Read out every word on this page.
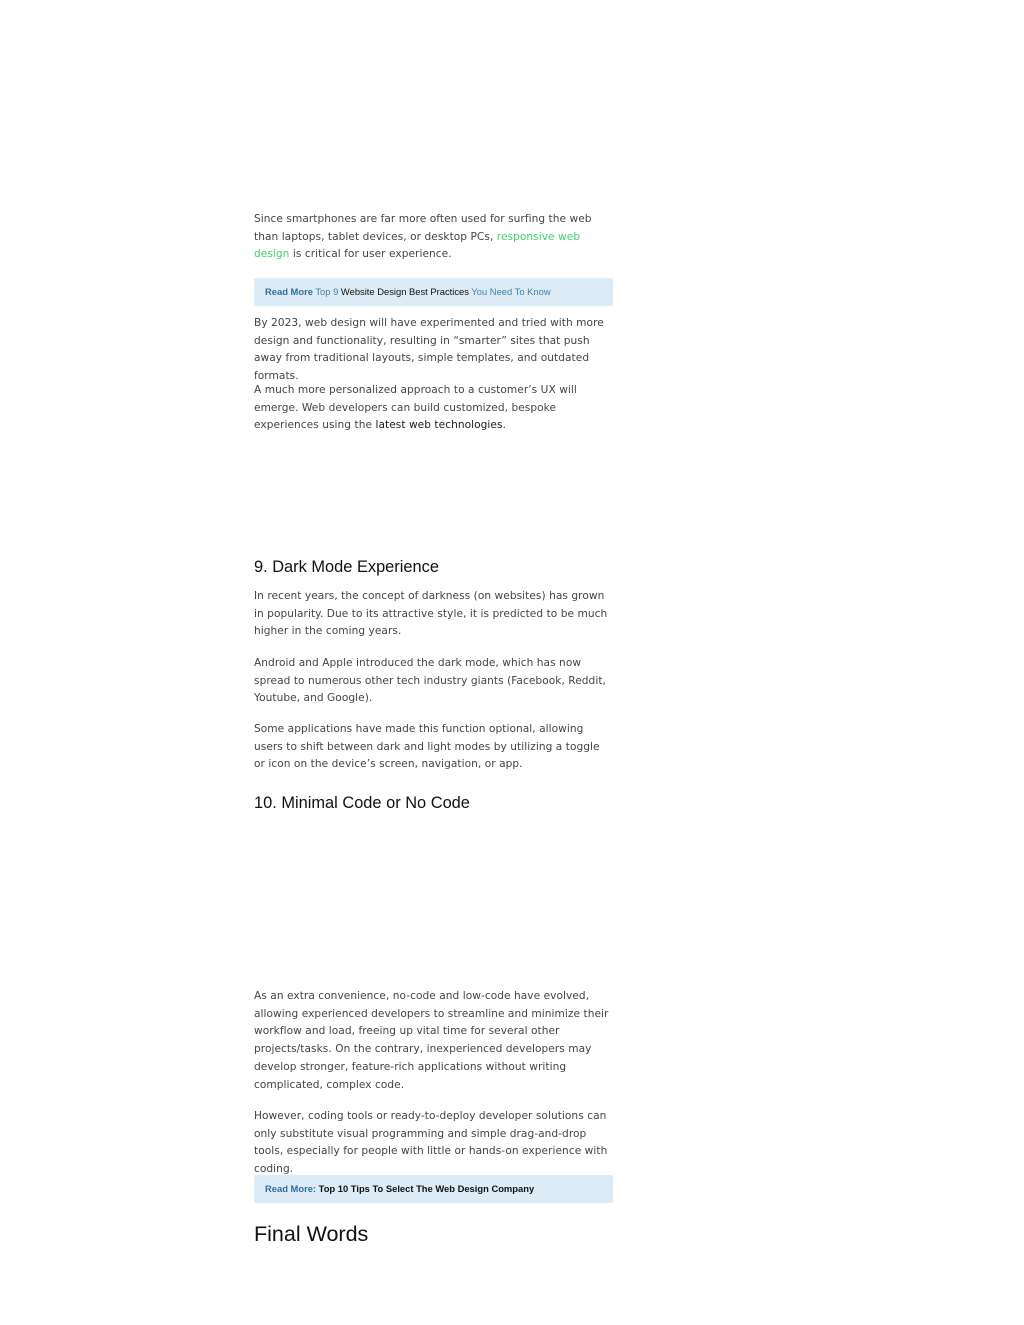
Since smartphones are far more often used for surfing the web than laptops, tablet devices, or desktop PCs, responsive web design is critical for user experience.

Read More Top 9 Website Design Best Practices You Need To Know

By 2023, web design will have experimented and tried with more design and functionality, resulting in “smarter” sites that push away from traditional layouts, simple templates, and outdated formats.

A much more personalized approach to a customer’s UX will emerge. Web developers can build customized, bespoke experiences using the latest web technologies.

9. Dark Mode Experience

In recent years, the concept of darkness (on websites) has grown in popularity. Due to its attractive style, it is predicted to be much higher in the coming years.

Android and Apple introduced the dark mode, which has now spread to numerous other tech industry giants (Facebook, Reddit, Youtube, and Google).

Some applications have made this function optional, allowing users to shift between dark and light modes by utilizing a toggle or icon on the device’s screen, navigation, or app.

10. Minimal Code or No Code

As an extra convenience, no-code and low-code have evolved, allowing experienced developers to streamline and minimize their workflow and load, freeing up vital time for several other projects/tasks. On the contrary, inexperienced developers may develop stronger, feature-rich applications without writing complicated, complex code.

However, coding tools or ready-to-deploy developer solutions can only substitute visual programming and simple drag-and-drop tools, especially for people with little or hands-on experience with coding.

Read More: Top 10 Tips To Select The Web Design Company
Final Words
